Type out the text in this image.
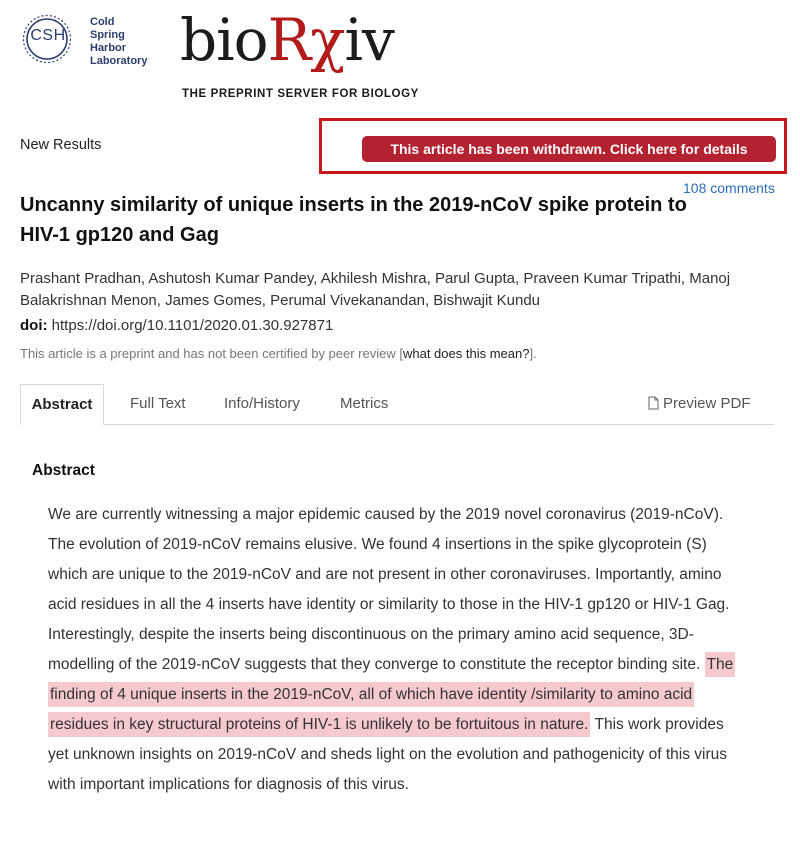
CSH
Cold
Spring
Harbor
Laboratory bioRχiv
THE PREPRINT SERVER FOR BIOLOGY
New Results	This article has been withdrawn. Click here for details
108 comments
Uncanny similarity of unique inserts in the 2019-nCoV spike protein to HIV-1 gp120 and Gag
Prashant Pradhan, Ashutosh Kumar Pandey, Akhilesh Mishra, Parul Gupta, Praveen Kumar Tripathi, Manoj Balakrishnan Menon, James Gomes, Perumal Vivekanandan, Bishwajit Kundu
doi: https://doi.org/10.1101/2020.01.30.927871
This article is a preprint and has not been certified by peer review [what does this mean?].
Abstract	Full Text	Info/History	Metrics	Preview PDF
Abstract
We are currently witnessing a major epidemic caused by the 2019 novel coronavirus (2019-nCoV). The evolution of 2019-nCoV remains elusive. We found 4 insertions in the spike glycoprotein (S) which are unique to the 2019-nCoV and are not present in other coronaviruses. Importantly, amino acid residues in all the 4 inserts have identity or similarity to those in the HIV-1 gp120 or HIV-1 Gag. Interestingly, despite the inserts being discontinuous on the primary amino acid sequence, 3D-modelling of the 2019-nCoV suggests that they converge to constitute the receptor binding site. The finding of 4 unique inserts in the 2019-nCoV, all of which have identity /similarity to amino acid residues in key structural proteins of HIV-1 is unlikely to be fortuitous in nature. This work provides yet unknown insights on 2019-nCoV and sheds light on the evolution and pathogenicity of this virus with important implications for diagnosis of this virus.
